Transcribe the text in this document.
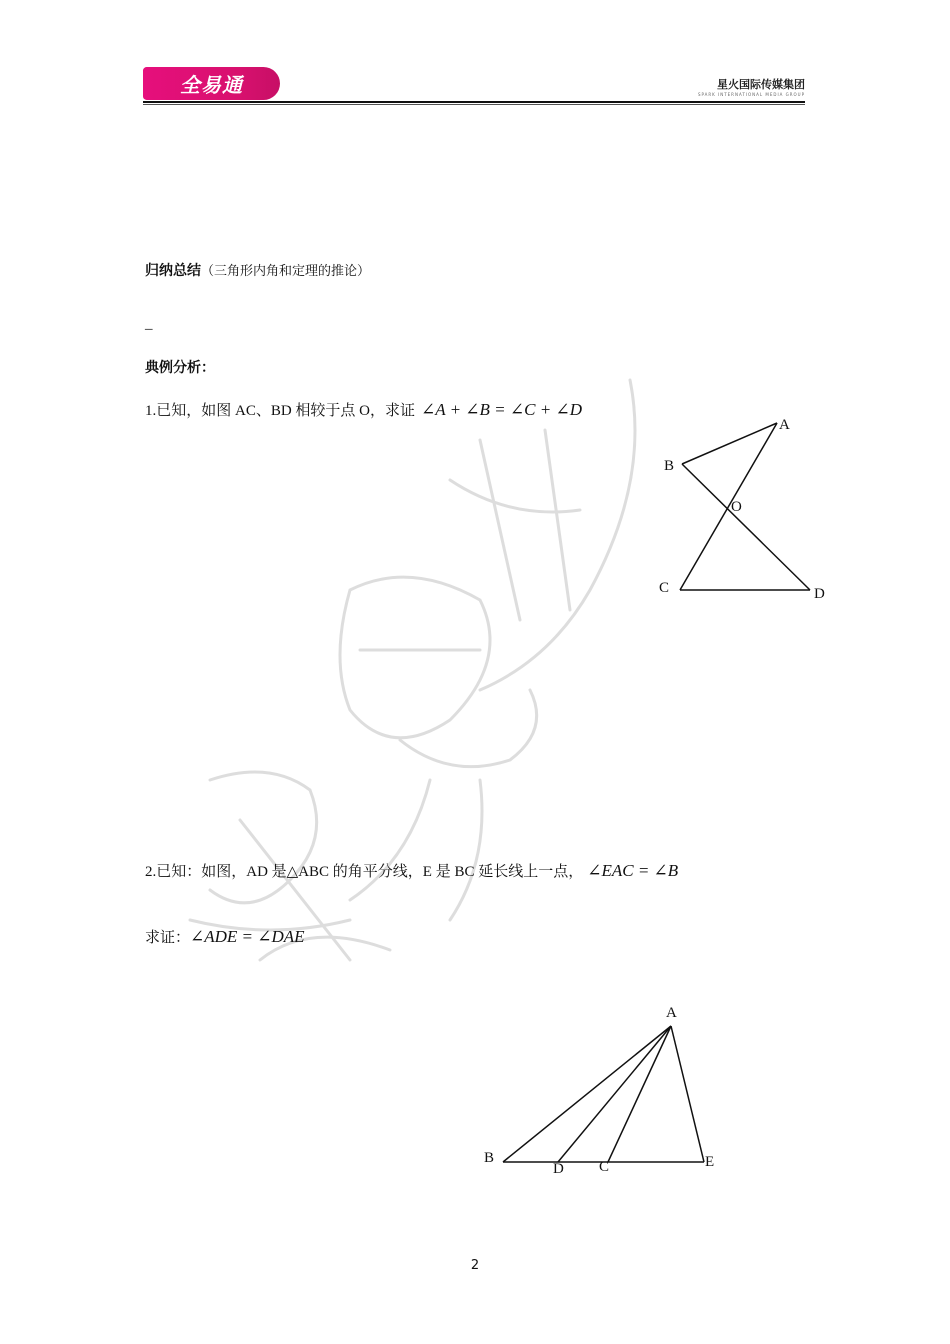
全易通	星火国际传媒集团
SPARK INTERNATIONAL MEDIA GROUP
归纳总结（三角形内角和定理的推论）
_
典例分析：
1.已知，如图 AC、BD 相较于点 O，求证 ∠A + ∠B = ∠C + ∠D
A
B
O
C	D
2.已知：如图，AD 是△ABC 的角平分线，E 是 BC 延长线上一点， ∠EAC = ∠B
求证：∠ADE = ∠DAE
A
B
D C	E
2
